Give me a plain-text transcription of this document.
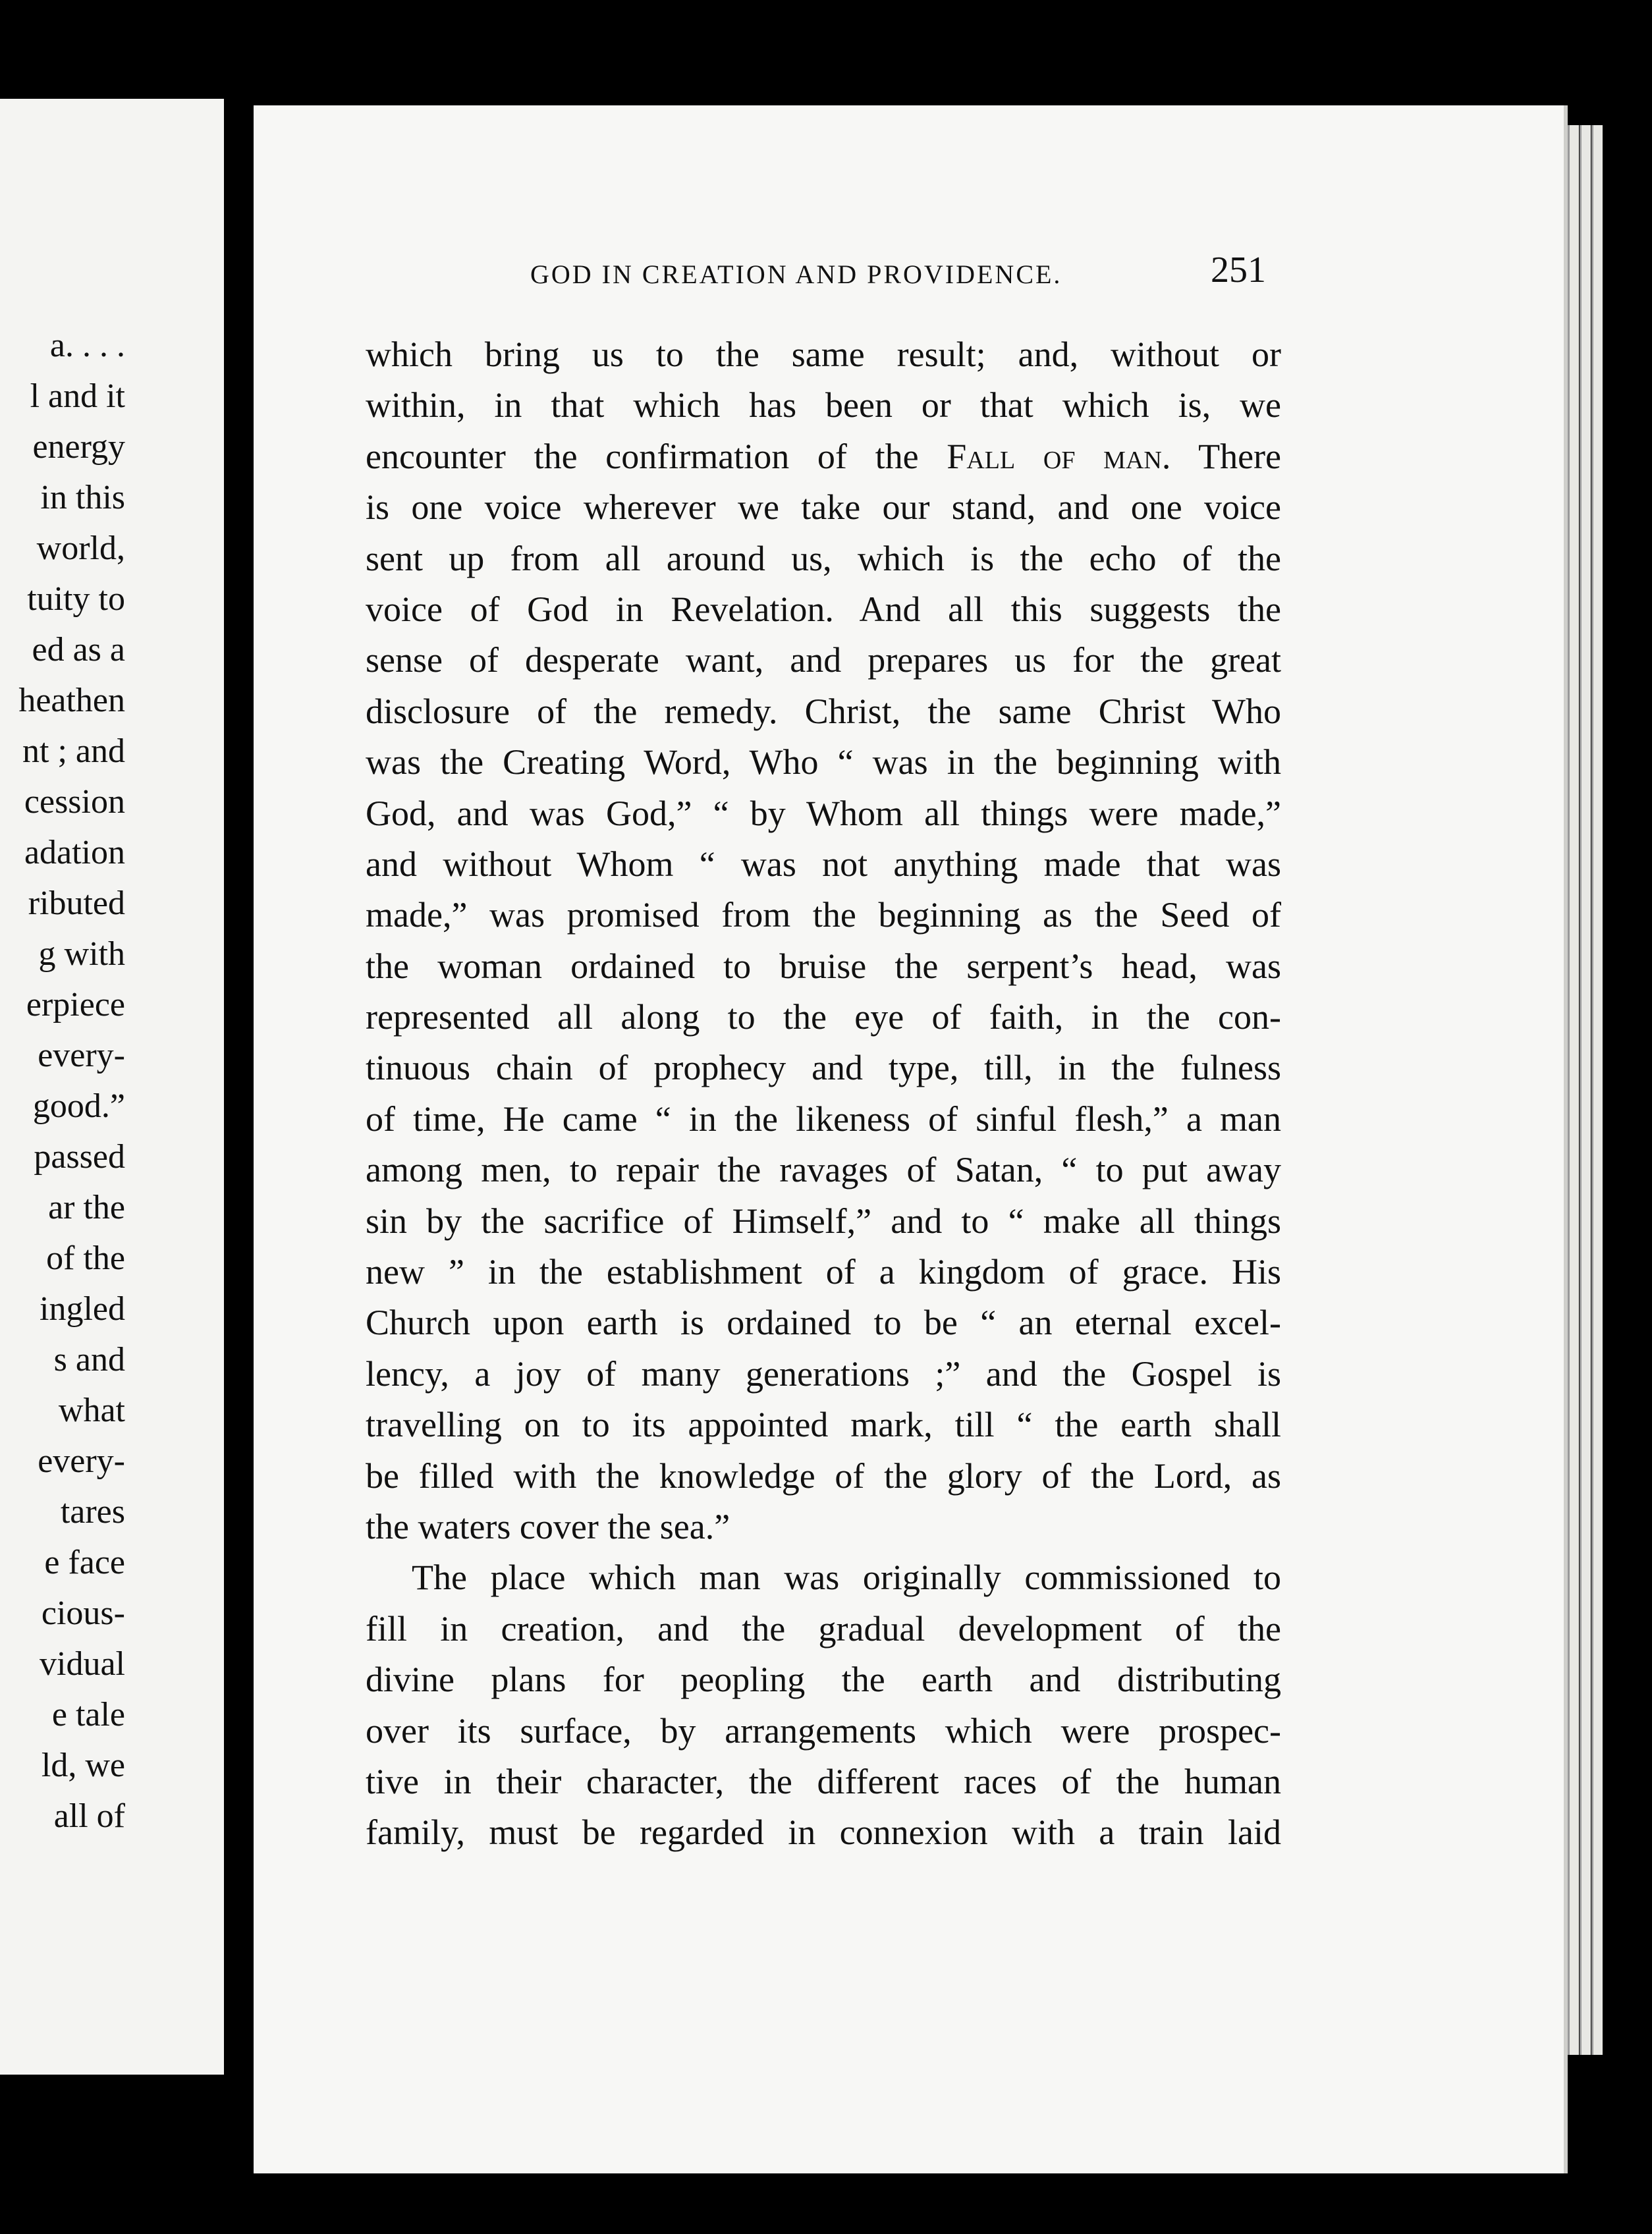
a. . . .
l and it
energy
in this
world,
tuity to
ed as a
heathen
nt ; and
cession
adation
ributed
g with
erpiece
every-
good.”
passed
ar the
of the
ingled
s and
what
every-
tares
e face
cious-
vidual
e tale
ld, we
all of
GOD IN CREATION AND PROVIDENCE.	251
which bring us to the same result; and, without or
within, in that which has been or that which is, we
encounter the confirmation of the Fall of man. There
is one voice wherever we take our stand, and one voice
sent up from all around us, which is the echo of the
voice of God in Revelation. And all this suggests the
sense of desperate want, and prepares us for the great
disclosure of the remedy. Christ, the same Christ Who
was the Creating Word, Who “ was in the beginning with
God, and was God,” “ by Whom all things were made,”
and without Whom “ was not anything made that was
made,” was promised from the beginning as the Seed of
the woman ordained to bruise the serpent’s head, was
represented all along to the eye of faith, in the con-
tinuous chain of prophecy and type, till, in the fulness
of time, He came “ in the likeness of sinful flesh,” a man
among men, to repair the ravages of Satan, “ to put away
sin by the sacrifice of Himself,” and to “ make all things
new ” in the establishment of a kingdom of grace. His
Church upon earth is ordained to be “ an eternal excel-
lency, a joy of many generations ;” and the Gospel is
travelling on to its appointed mark, till “ the earth shall
be filled with the knowledge of the glory of the Lord, as
the waters cover the sea.”
The place which man was originally commissioned to
fill in creation, and the gradual development of the
divine plans for peopling the earth and distributing
over its surface, by arrangements which were prospec-
tive in their character, the different races of the human
family, must be regarded in connexion with a train laid
